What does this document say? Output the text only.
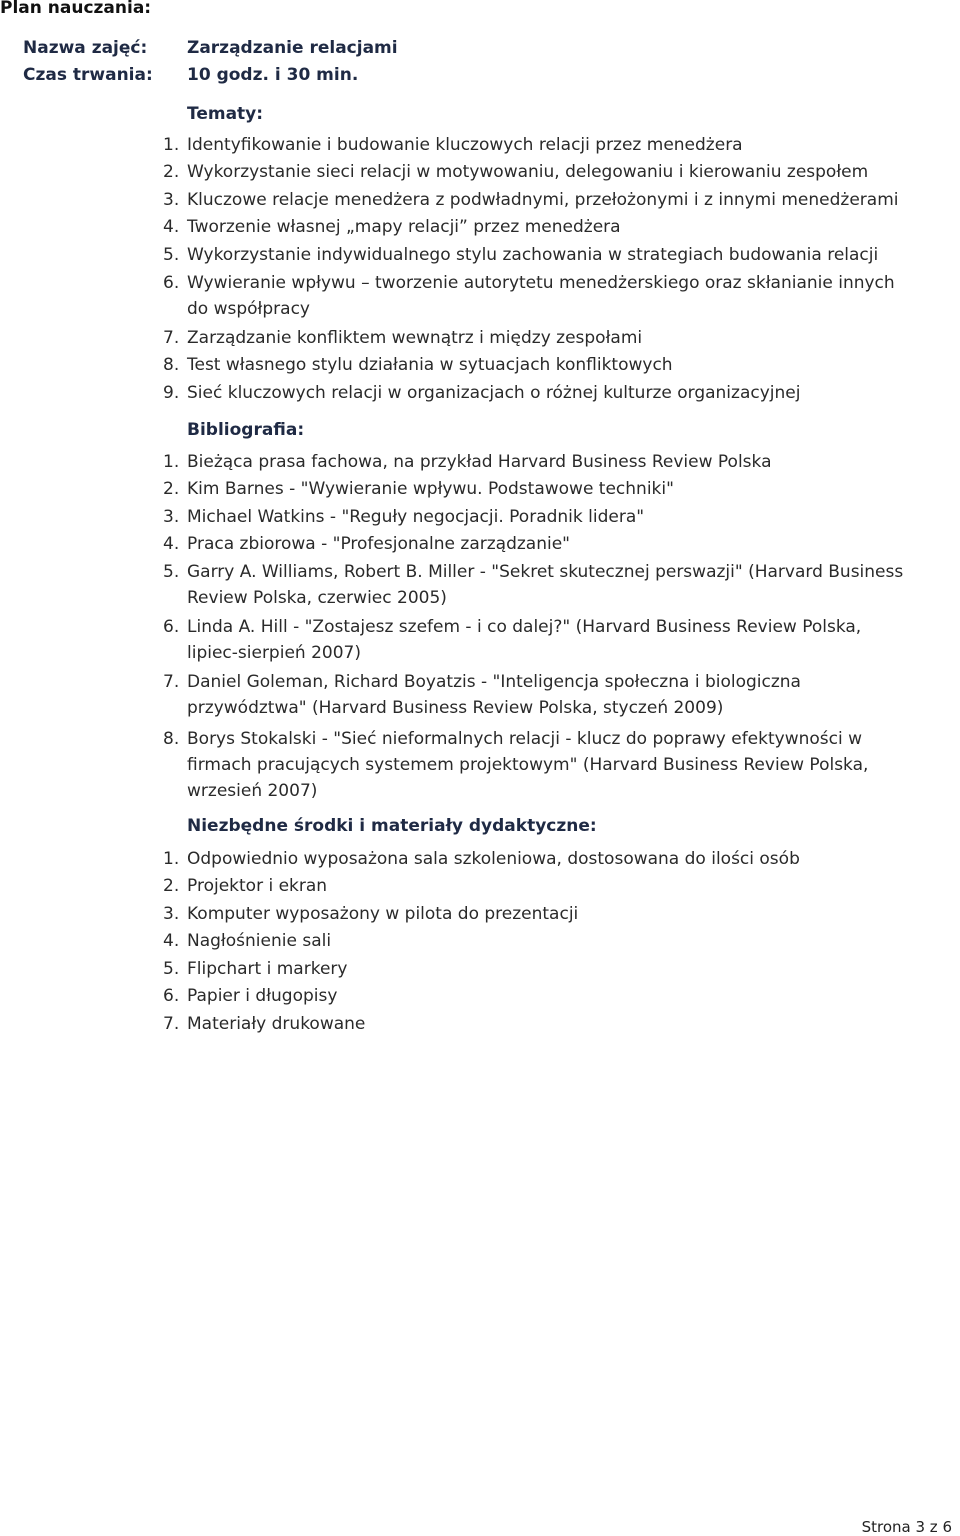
Plan nauczania:
Nazwa zajęć: Zarządzanie relacjami
Czas trwania: 10 godz. i 30 min.
Tematy:
1. Identyfikowanie i budowanie kluczowych relacji przez menedżera
2. Wykorzystanie sieci relacji w motywowaniu, delegowaniu i kierowaniu zespołem
3. Kluczowe relacje menedżera z podwładnymi, przełożonymi i z innymi menedżerami
4. Tworzenie własnej „mapy relacji” przez menedżera
5. Wykorzystanie indywidualnego stylu zachowania w strategiach budowania relacji
6. Wywieranie wpływu – tworzenie autorytetu menedżerskiego oraz skłanianie innych
do współpracy
7. Zarządzanie konfliktem wewnątrz i między zespołami
8. Test własnego stylu działania w sytuacjach konfliktowych
9. Sieć kluczowych relacji w organizacjach o różnej kulturze organizacyjnej
Bibliografia:
1. Bieżąca prasa fachowa, na przykład Harvard Business Review Polska
2. Kim Barnes - "Wywieranie wpływu. Podstawowe techniki"
3. Michael Watkins - "Reguły negocjacji. Poradnik lidera"
4. Praca zbiorowa - "Profesjonalne zarządzanie"
5. Garry A. Williams, Robert B. Miller - "Sekret skutecznej perswazji" (Harvard Business
Review Polska, czerwiec 2005)
6. Linda A. Hill - "Zostajesz szefem - i co dalej?" (Harvard Business Review Polska,
lipiec-sierpień 2007)
7. Daniel Goleman, Richard Boyatzis - "Inteligencja społeczna i biologiczna
przywództwa" (Harvard Business Review Polska, styczeń 2009)
8. Borys Stokalski - "Sieć nieformalnych relacji - klucz do poprawy efektywności w
firmach pracujących systemem projektowym" (Harvard Business Review Polska,
wrzesień 2007)
Niezbędne środki i materiały dydaktyczne:
1. Odpowiednio wyposażona sala szkoleniowa, dostosowana do ilości osób
2. Projektor i ekran
3. Komputer wyposażony w pilota do prezentacji
4. Nagłośnienie sali
5. Flipchart i markery
6. Papier i długopisy
7. Materiały drukowane
Strona 3 z 6
